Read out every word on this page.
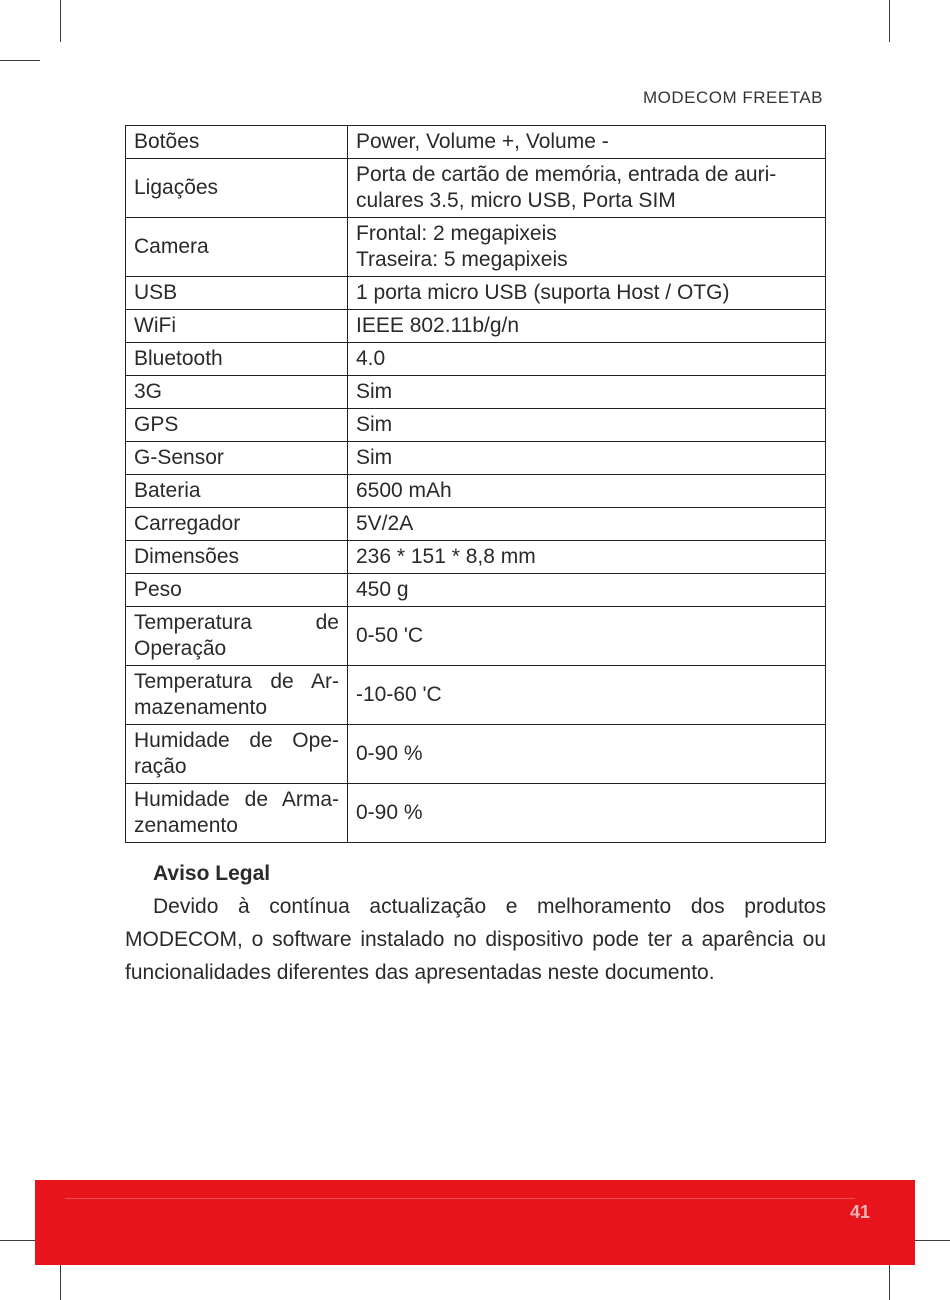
MODECOM FREETAB
Botões	Power, Volume +, Volume -
Ligações	Porta de cartão de memória, entrada de auri-
culares 3.5, micro USB, Porta SIM
Camera	Frontal: 2 megapixeis
Traseira: 5 megapixeis
USB	1 porta micro USB (suporta Host / OTG)
WiFi	IEEE 802.11b/g/n
Bluetooth	4.0
3G	Sim
GPS	Sim
G-Sensor	Sim
Bateria	6500 mAh
Carregador	5V/2A
Dimensões	236 * 151 * 8,8 mm
Peso	450 g
Temperatura de Operação	0-50 'C
Temperatura de Ar- mazenamento	-10-60 'C
Humidade de Ope- ração	0-90 %
Humidade de Arma- zenamento	0-90 %
Aviso Legal

Devido à contínua actualização e melhoramento dos produtos MODECOM, o software instalado no dispositivo pode ter a aparência ou funcionalidades diferentes das apresentadas neste documento.

41
